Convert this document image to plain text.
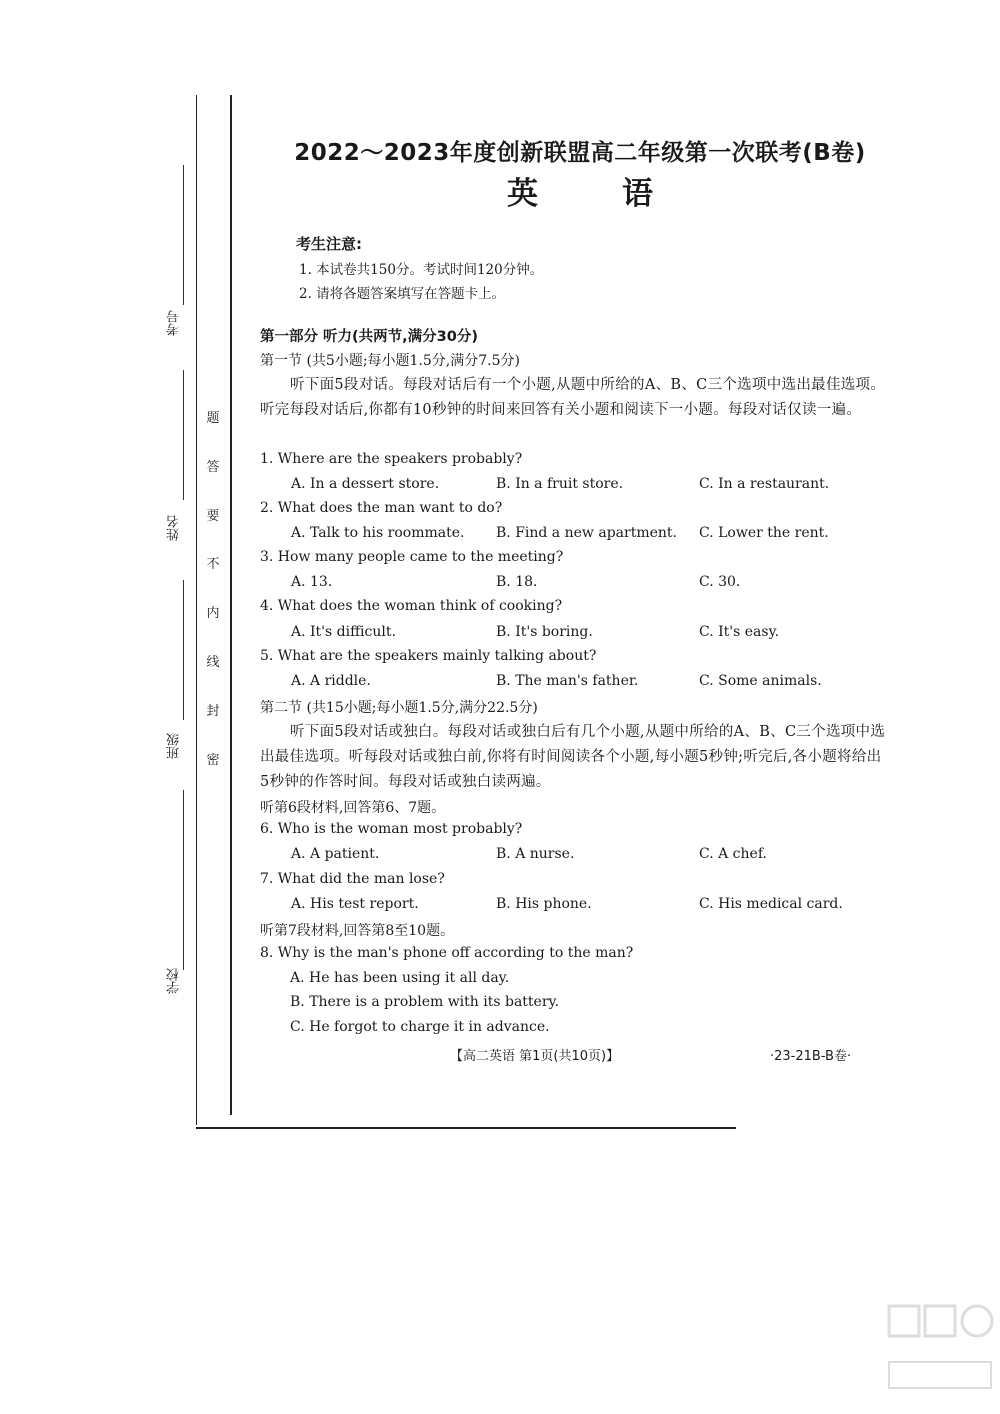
考号
姓名
班级
学校
题
答
要
不
内
线
封
密
2022～2023年度创新联盟高二年级第一次联考(B卷)
英	语
考生注意:
1. 本试卷共150分。考试时间120分钟。
2. 请将各题答案填写在答题卡上。
第一部分 听力(共两节,满分30分)
第一节 (共5小题;每小题1.5分,满分7.5分)
听下面5段对话。每段对话后有一个小题,从题中所给的A、B、C三个选项中选出最佳选项。听完每段对话后,你都有10秒钟的时间来回答有关小题和阅读下一小题。每段对话仅读一遍。
1. Where are the speakers probably?
A. In a dessert store.	B. In a fruit store.	C. In a restaurant.
2. What does the man want to do?
A. Talk to his roommate. B. Find a new apartment. C. Lower the rent.
3. How many people came to the meeting?
A. 13.	B. 18.	C. 30.
4. What does the woman think of cooking?
A. It's difficult.	B. It's boring.	C. It's easy.
5. What are the speakers mainly talking about?
A. A riddle.	B. The man's father.	C. Some animals.
第二节 (共15小题;每小题1.5分,满分22.5分)
听下面5段对话或独白。每段对话或独白后有几个小题,从题中所给的A、B、C三个选项中选出最佳选项。听每段对话或独白前,你将有时间阅读各个小题,每小题5秒钟;听完后,各小题将给出5秒钟的作答时间。每段对话或独白读两遍。
听第6段材料,回答第6、7题。
6. Who is the woman most probably?
A. A patient.	B. A nurse.	C. A chef.
7. What did the man lose?
A. His test report.	B. His phone.	C. His medical card.
听第7段材料,回答第8至10题。
8. Why is the man's phone off according to the man?
A. He has been using it all day.
B. There is a problem with its battery.
C. He forgot to charge it in advance.
【高二英语 第1页(共10页)】	·23-21B-B卷·
